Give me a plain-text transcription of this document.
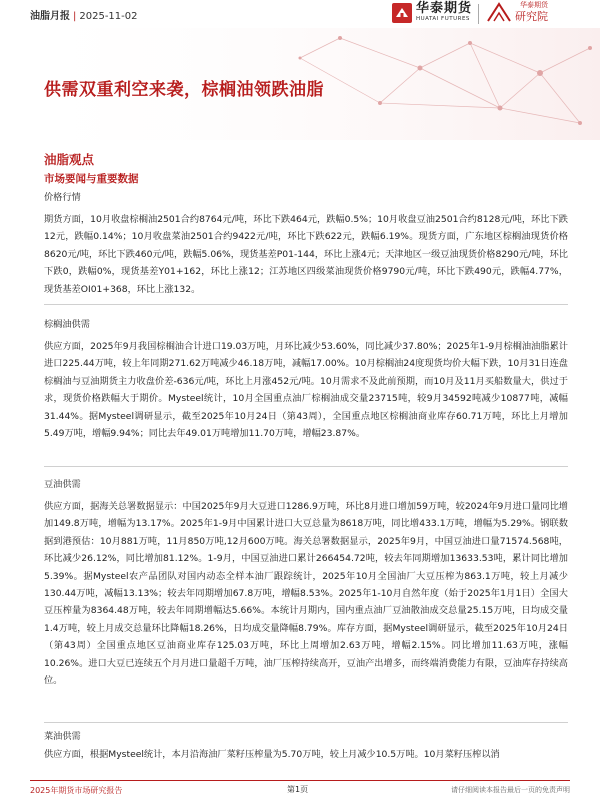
油脂月报 | 2025-11-02
华泰期货
HUATAI FUTURES
华泰期货
研究院
供需双重利空来袭，棕榈油领跌油脂
油脂观点
市场要闻与重要数据
价格行情
期货方面，10月收盘棕榈油2501合约8764元/吨，环比下跌464元，跌幅0.5%；10月收盘豆油2501合约8128元/吨，环比下跌12元，跌幅0.14%；10月收盘菜油2501合约9422元/吨，环比下跌622元，跌幅6.19%。现货方面，广东地区棕榈油现货价格8620元/吨，环比下跌460元/吨，跌幅5.06%，现货基差P01-144，环比上涨4元；天津地区一级豆油现货价格8290元/吨，环比下跌0，跌幅0%，现货基差Y01+162，环比上涨12；江苏地区四级菜油现货价格9790元/吨，环比下跌490元，跌幅4.77%，现货基差OI01+368，环比上涨132。
棕榈油供需
供应方面，2025年9月我国棕榈油合计进口19.03万吨，月环比减少53.60%，同比减少37.80%；2025年1-9月棕榈油油脂累计进口225.44万吨，较上年同期271.62万吨减少46.18万吨，减幅17.00%。10月棕榈油24度现货均价大幅下跌，10月31日连盘棕榈油与豆油期货主力收盘价差-636元/吨，环比上月涨452元/吨。10月需求不及此前预期，而10月及11月买船数量大，供过于求，现货价格跌幅大于期价。Mysteel统计，10月全国重点油厂棕榈油成交量23715吨，较9月34592吨减少10877吨，减幅31.44%。据Mysteel调研显示，截至2025年10月24日（第43周），全国重点地区棕榈油商业库存60.71万吨，环比上月增加5.49万吨，增幅9.94%；同比去年49.01万吨增加11.70万吨，增幅23.87%。
豆油供需
供应方面，据海关总署数据显示：中国2025年9月大豆进口1286.9万吨，环比8月进口增加59万吨，较2024年9月进口量同比增加149.8万吨，增幅为13.17%。2025年1-9月中国累计进口大豆总量为8618万吨，同比增433.1万吨，增幅为5.29%。钢联数据到港预估：10月881万吨，11月850万吨,12月600万吨。海关总署数据显示，2025年9月，中国豆油进口量71574.568吨，环比减少26.12%，同比增加81.12%。1-9月，中国豆油进口累计266454.72吨，较去年同期增加13633.53吨，累计同比增加5.39%。据Mysteel农产品团队对国内动态全样本油厂跟踪统计，2025年10月全国油厂大豆压榨为863.1万吨，较上月减少130.44万吨，减幅13.13%；较去年同期增加67.8万吨，增幅8.53%。2025年1-10月自然年度（始于2025年1月1日）全国大豆压榨量为8364.48万吨，较去年同期增幅达5.66%。本统计月期内，国内重点油厂豆油散油成交总量25.15万吨，日均成交量1.4万吨，较上月成交总量环比降幅18.26%，日均成交量降幅8.79%。库存方面，据Mysteel调研显示，截至2025年10月24日（第43周）全国重点地区豆油商业库存125.03万吨，环比上周增加2.63万吨，增幅2.15%。同比增加11.63万吨，涨幅10.26%。进口大豆已连续五个月月进口量超千万吨，油厂压榨持续高开，豆油产出增多，而终端消费能力有限，豆油库存持续高位。
菜油供需
供应方面，根据Mysteel统计，本月沿海油厂菜籽压榨量为5.70万吨，较上月减少10.5万吨。10月菜籽压榨以消
2025年期货市场研究报告	第1页	请仔细阅读本报告最后一页的免责声明
